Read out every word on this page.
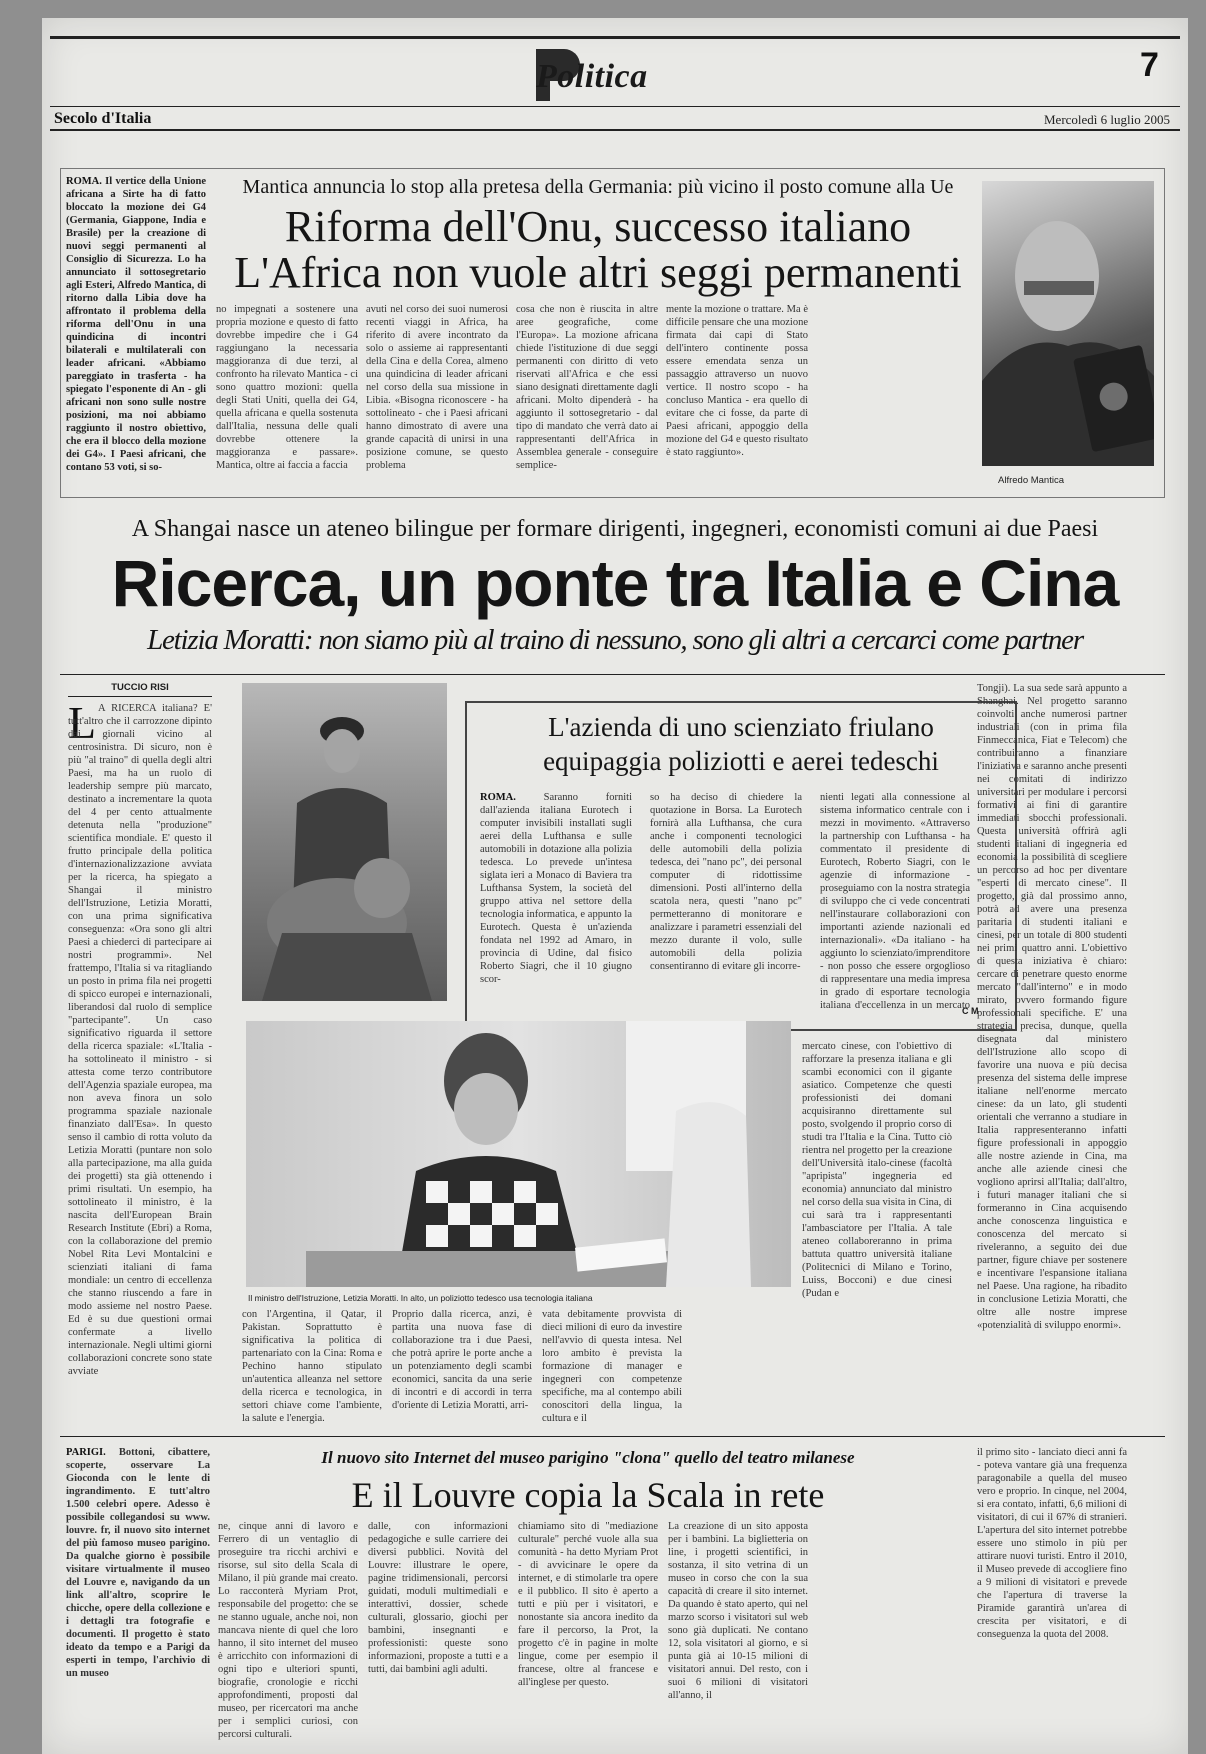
Politica	7
Secolo d'Italia	Mercoledì 6 luglio 2005
ROMA. Il vertice della Unione africana a Sirte ha di fatto bloccato la mozione dei G4 (Germania, Giappone, India e Brasile) per la creazione di nuovi seggi permanenti al Consiglio di Sicurezza. Lo ha annunciato il sottosegretario agli Esteri, Alfredo Mantica, di ritorno dalla Libia dove ha affrontato il problema della riforma dell'Onu in una quindicina di incontri bilaterali e multilaterali con leader africani. «Abbiamo pareggiato in trasferta - ha spiegato l'esponente di An - gli africani non sono sulle nostre posizioni, ma noi abbiamo raggiunto il nostro obiettivo, che era il blocco della mozione dei G4». I Paesi africani, che contano 53 voti, si so-
Mantica annuncia lo stop alla pretesa della Germania: più vicino il posto comune alla Ue
Riforma dell'Onu, successo italiano
L'Africa non vuole altri seggi permanenti
no impegnati a sostenere una propria mozione e questo di fatto dovrebbe impedire che i G4 raggiungano la necessaria maggioranza di due terzi, al confronto ha rilevato Mantica - ci sono quattro mozioni: quella degli Stati Uniti, quella dei G4, quella africana e quella sostenuta dall'Italia, nessuna delle quali dovrebbe ottenere la maggioranza e passare». Mantica, oltre ai faccia a faccia
avuti nel corso dei suoi numerosi recenti viaggi in Africa, ha riferito di avere incontrato da solo o assieme ai rappresentanti della Cina e della Corea, almeno una quindicina di leader africani nel corso della sua missione in Libia. «Bisogna riconoscere - ha sottolineato - che i Paesi africani hanno dimostrato di avere una grande capacità di unirsi in una posizione comune, se questo problema
cosa che non è riuscita in altre aree geografiche, come l'Europa». La mozione africana chiede l'istituzione di due seggi permanenti con diritto di veto riservati all'Africa e che essi siano designati direttamente dagli africani. Molto dipenderà - ha aggiunto il sottosegretario - dal tipo di mandato che verrà dato ai rappresentanti dell'Africa in Assemblea generale - conseguire semplice-
mente la mozione o trattare. Ma è difficile pensare che una mozione firmata dai capi di Stato dell'intero continente possa essere emendata senza un passaggio attraverso un nuovo vertice. Il nostro scopo - ha concluso Mantica - era quello di evitare che ci fosse, da parte di Paesi africani, appoggio della mozione del G4 e questo risultato è stato raggiunto».
Alfredo Mantica
A Shangai nasce un ateneo bilingue per formare dirigenti, ingegneri, economisti comuni ai due Paesi
Ricerca, un ponte tra Italia e Cina
Letizia Moratti: non siamo più al traino di nessuno, sono gli altri a cercarci come partner
TUCCIO RISI
L A RICERCA italiana? E' tutt'altro che il carrozzone dipinto dai giornali vicino al centrosinistra. Di sicuro, non è più "al traino" di quella degli altri Paesi, ma ha un ruolo di leadership sempre più marcato, destinato a incrementare la quota del 4 per cento attualmente detenuta nella "produzione" scientifica mondiale. E' questo il frutto principale della politica d'internazionalizzazione avviata per la ricerca, ha spiegato a Shangai il ministro dell'Istruzione, Letizia Moratti, con una prima significativa conseguenza: «Ora sono gli altri Paesi a chiederci di partecipare ai nostri programmi». Nel frattempo, l'Italia si va ritagliando un posto in prima fila nei progetti di spicco europei e internazionali, liberandosi dal ruolo di semplice "partecipante". Un caso significativo riguarda il settore della ricerca spaziale: «L'Italia - ha sottolineato il ministro - si attesta come terzo contributore dell'Agenzia spaziale europea, ma non aveva finora un solo programma spaziale nazionale finanziato dall'Esa». In questo senso il cambio di rotta voluto da Letizia Moratti (puntare non solo alla partecipazione, ma alla guida dei progetti) sta già ottenendo i primi risultati. Un esempio, ha sottolineato il ministro, è la nascita dell'European Brain Research Institute (Ebri) a Roma, con la collaborazione del premio Nobel Rita Levi Montalcini e scienziati italiani di fama mondiale: un centro di eccellenza che stanno riuscendo a fare in modo assieme nel nostro Paese. Ed è su due questioni ormai confermate a livello internazionale. Negli ultimi giorni collaborazioni concrete sono state avviate
L'azienda di uno scienziato friulano
equipaggia poliziotti e aerei tedeschi
ROMA.	Saranno forniti dall'azienda italiana Eurotech i computer invisibili installati sugli aerei della Lufthansa e sulle automobili in dotazione alla polizia tedesca. Lo prevede un'intesa siglata ieri a Monaco di Baviera tra Lufthansa System, la società del gruppo attiva nel settore della tecnologia informatica, e appunto la Eurotech. Questa è un'azienda fondata nel 1992 ad Amaro, in provincia di Udine, dal fisico Roberto Siagri, che il 10 giugno scor-
so ha deciso di chiedere la quotazione in Borsa. La Eurotech fornirà alla Lufthansa, che cura anche i componenti tecnologici delle automobili della polizia tedesca, dei "nano pc", dei personal computer di ridottissime dimensioni. Posti all'interno della scatola nera, questi "nano pc" permetteranno di monitorare e analizzare i parametri essenziali del mezzo durante il volo, sulle automobili della polizia consentiranno di evitare gli incorre-
nienti legati alla connessione al sistema informatico centrale con i mezzi in movimento. «Attraverso la partnership con Lufthansa - ha commentato il presidente di Eurotech, Roberto Siagri, con le agenzie di informazione - proseguiamo con la nostra strategia di sviluppo che ci vede concentrati nell'instaurare collaborazioni con importanti aziende nazionali ed internazionali». «Da italiano - ha aggiunto lo scienziato/imprenditore - non posso che essere orgoglioso di rappresentare una media impresa in grado di esportare tecnologia italiana d'eccellenza in un mercato
C M
Il ministro dell'Istruzione, Letizia Moratti. In alto, un poliziotto tedesco usa tecnologia italiana
con l'Argentina, il Qatar, il Pakistan. Soprattutto è significativa la politica di partenariato con la Cina: Roma e Pechino hanno stipulato un'autentica alleanza nel settore della ricerca e tecnologica, in settori chiave come l'ambiente, la salute e l'energia.
Proprio dalla ricerca, anzi, è partita una nuova fase di collaborazione tra i due Paesi, che potrà aprire le porte anche a un potenziamento degli scambi economici, sancita da una serie di incontri e di accordi in terra d'oriente di Letizia Moratti, arri-
vata debitamente provvista di dieci milioni di euro da investire nell'avvio di questa intesa. Nel loro ambito è prevista la formazione di manager e ingegneri con competenze specifiche, ma al contempo abili conoscitori della lingua, la cultura e il
mercato cinese, con l'obiettivo di rafforzare la presenza italiana e gli scambi economici con il gigante asiatico. Competenze che questi professionisti dei domani acquisiranno direttamente sul posto, svolgendo il proprio corso di studi tra l'Italia e la Cina. Tutto ciò rientra nel progetto per la creazione dell'Università italo-cinese (facoltà "apripista" ingegneria ed economia) annunciato dal ministro nel corso della sua visita in Cina, di cui sarà tra i rappresentanti l'ambasciatore per l'Italia. A tale ateneo collaboreranno in prima battuta quattro università italiane (Politecnici di Milano e Torino, Luiss, Bocconi) e due cinesi (Pudan e
Tongji). La sua sede sarà appunto a Shanghai. Nel progetto saranno coinvolti anche numerosi partner industriali (con in prima fila Finmeccanica, Fiat e Telecom) che contribuiranno a finanziare l'iniziativa e saranno anche presenti nei comitati di indirizzo universitari per modulare i percorsi formativi ai fini di garantire immediati sbocchi professionali. Questa università offrirà agli studenti italiani di ingegneria ed economia la possibilità di scegliere un percorso ad hoc per diventare "esperti di mercato cinese". Il progetto, già dal prossimo anno, potrà ad avere una presenza paritaria di studenti italiani e cinesi, per un totale di 800 studenti nei primi quattro anni. L'obiettivo di questa iniziativa è chiaro: cercare di penetrare questo enorme mercato "dall'interno" e in modo mirato, ovvero formando figure professionali specifiche. E' una strategia precisa, dunque, quella disegnata dal ministero dell'Istruzione allo scopo di favorire una nuova e più decisa presenza del sistema delle imprese italiane nell'enorme mercato cinese: da un lato, gli studenti orientali che verranno a studiare in Italia rappresenteranno infatti figure professionali in appoggio alle nostre aziende in Cina, ma anche alle aziende cinesi che vogliono aprirsi all'Italia; dall'altro, i futuri manager italiani che si formeranno in Cina acquisendo anche conoscenza linguistica e conoscenza del mercato si riveleranno, a seguito dei due partner, figure chiave per sostenere e incentivare l'espansione italiana nel Paese. Una ragione, ha ribadito in conclusione Letizia Moratti, che oltre alle nostre imprese «potenzialità di sviluppo enormi».
PARIGI. Bottoni, cibattere, scoperte, osservare La Gioconda con le lente di ingrandimento. E tutt'altro 1.500 celebri opere. Adesso è possibile collegandosi su www. louvre. fr, il nuovo sito internet del più famoso museo parigino. Da qualche giorno è possibile visitare virtualmente il museo del Louvre e, navigando da un link all'altro, scoprire le chicche, opere della collezione e i dettagli tra fotografie e documenti. Il progetto è stato ideato da tempo e a Parigi da esperti in tempo, l'archivio di un museo
Il nuovo sito Internet del museo parigino "clona" quello del teatro milanese
E il Louvre copia la Scala in rete
ne, cinque anni di lavoro e Ferrero di un ventaglio di proseguire tra ricchi archivi e risorse, sul sito della Scala di Milano, il più grande mai creato. Lo racconterà Myriam Prot, responsabile del progetto: che se ne stanno uguale, anche noi, non mancava niente di quel che loro hanno, il sito internet del museo è arricchito con informazioni di ogni tipo e ulteriori spunti, biografie, cronologie e ricchi approfondimenti, proposti dal museo, per ricercatori ma anche per i semplici curiosi, con percorsi culturali.
dalle, con informazioni pedagogiche e sulle carriere dei diversi pubblici. Novità del Louvre: illustrare le opere, pagine tridimensionali, percorsi guidati, moduli multimediali e interattivi, dossier, schede culturali, glossario, giochi per bambini, insegnanti e professionisti: queste sono informazioni, proposte a tutti e a tutti, dai bambini agli adulti.
chiamiamo sito di "mediazione culturale" perché vuole alla sua comunità - ha detto Myriam Prot - di avvicinare le opere da internet, e di stimolarle tra opere e il pubblico. Il sito è aperto a tutti e più per i visitatori, e nonostante sia ancora inedito da fare il percorso, la Prot, la progetto c'è in pagine in molte lingue, come per esempio il francese, oltre al francese e all'inglese per questo.
La creazione di un sito apposta per i bambini. La biglietteria on line, i progetti scientifici, in sostanza, il sito vetrina di un museo in corso che con la sua capacità di creare il sito internet. Da quando è stato aperto, qui nel marzo scorso i visitatori sul web sono già duplicati. Ne contano 12, sola visitatori al giorno, e si punta già ai 10-15 milioni di visitatori annui. Del resto, con i suoi 6 milioni di visitatori all'anno, il
il primo sito - lanciato dieci anni fa - poteva vantare già una frequenza paragonabile a quella del museo vero e proprio. In cinque, nel 2004, si era contato, infatti, 6,6 milioni di visitatori, di cui il 67% di stranieri. L'apertura del sito internet potrebbe essere uno stimolo in più per attirare nuovi turisti. Entro il 2010, il Museo prevede di accogliere fino a 9 milioni di visitatori e prevede che l'apertura di traverse la Piramide garantirà un'area di crescita per visitatori, e di conseguenza la quota del 2008.
